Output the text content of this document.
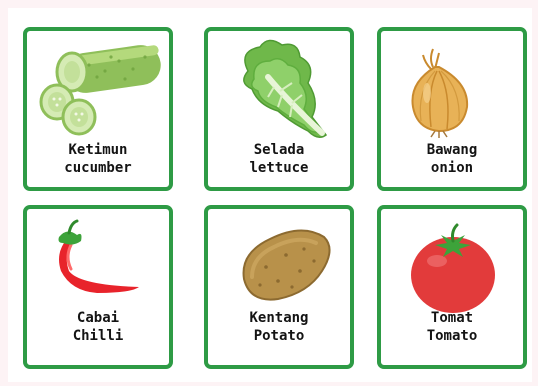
Ketimun
cucumber
Selada
lettuce
Bawang
onion
Cabai
Chilli
Kentang
Potato
Tomat
Tomato
